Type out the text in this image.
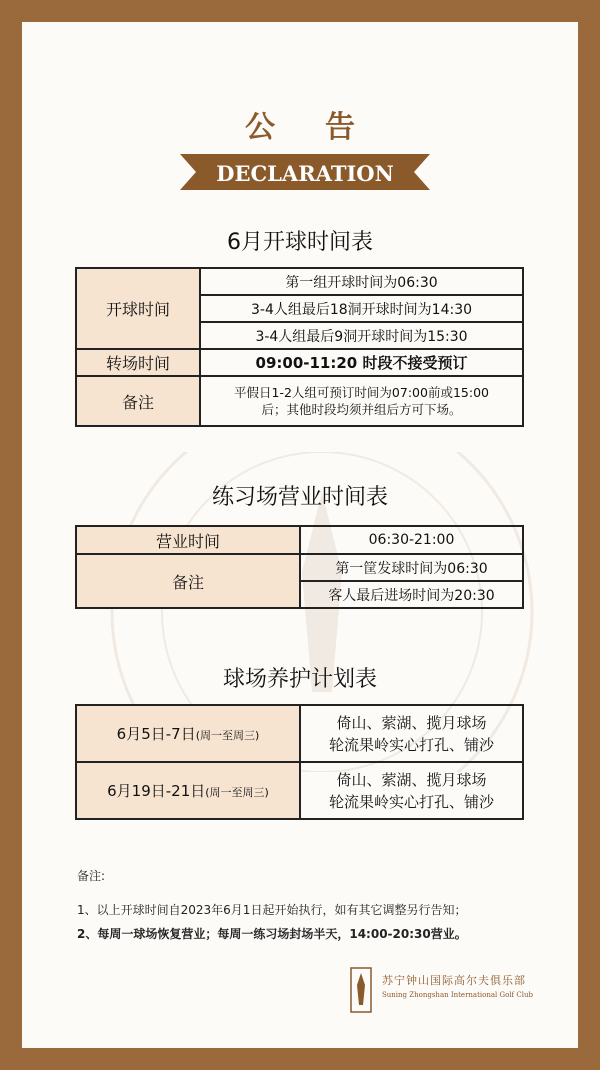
公告
DECLARATION
6月开球时间表
开球时间	第一组开球时间为06:30
	3-4人组最后18洞开球时间为14:30
	3-4人组最后9洞开球时间为15:30
转场时间	09:00-11:20 时段不接受预订
备注	平假日1-2人组可预订时间为07:00前或15:00后；其他时段均须并组后方可下场。
练习场营业时间表
营业时间	06:30-21:00
备注	第一筐发球时间为06:30
	客人最后进场时间为20:30
球场养护计划表
6月5日-7日(周一至周三)	倚山、萦湖、揽月球场
轮流果岭实心打孔、铺沙

6月19日-21日(周一至周三)	倚山、萦湖、揽月球场
轮流果岭实心打孔、铺沙
备注:
1、以上开球时间自2023年6月1日起开始执行，如有其它调整另行告知；
2、每周一球场恢复营业；每周一练习场封场半天，14:00-20:30营业。
苏宁钟山国际高尔夫俱乐部
Suning Zhongshan International Golf Club
